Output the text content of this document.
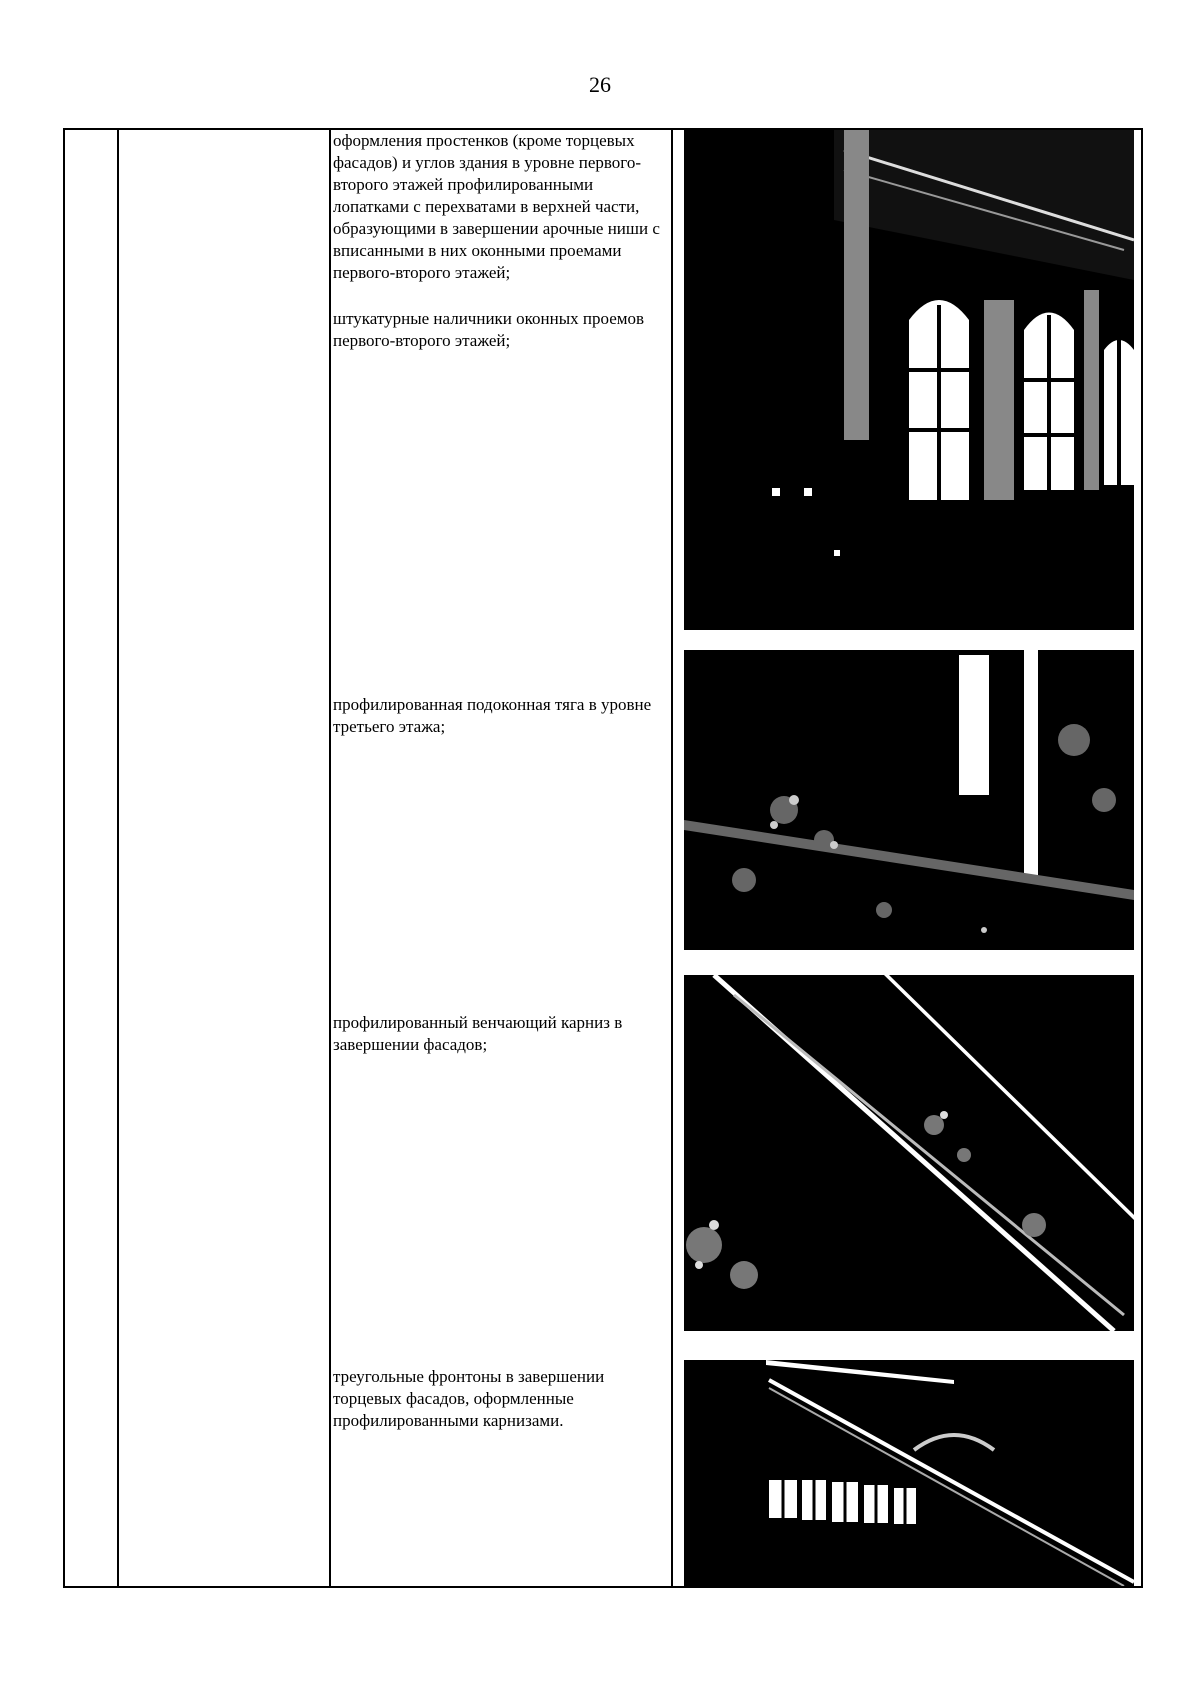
26

оформления простенков (кроме торцевых фасадов) и углов здания в уровне первого- второго этажей профилированными лопатками с перехватами в верхней части, образующими в завершении арочные ниши с вписанными в них оконными проемами первого-второго этажей;

штукатурные наличники оконных проемов первого-второго этажей;

профилированная подоконная тяга в уровне третьего этажа;

профилированный венчающий карниз в завершении фасадов;

треугольные фронтоны в завершении торцевых фасадов, оформленные профилированными карнизами.
